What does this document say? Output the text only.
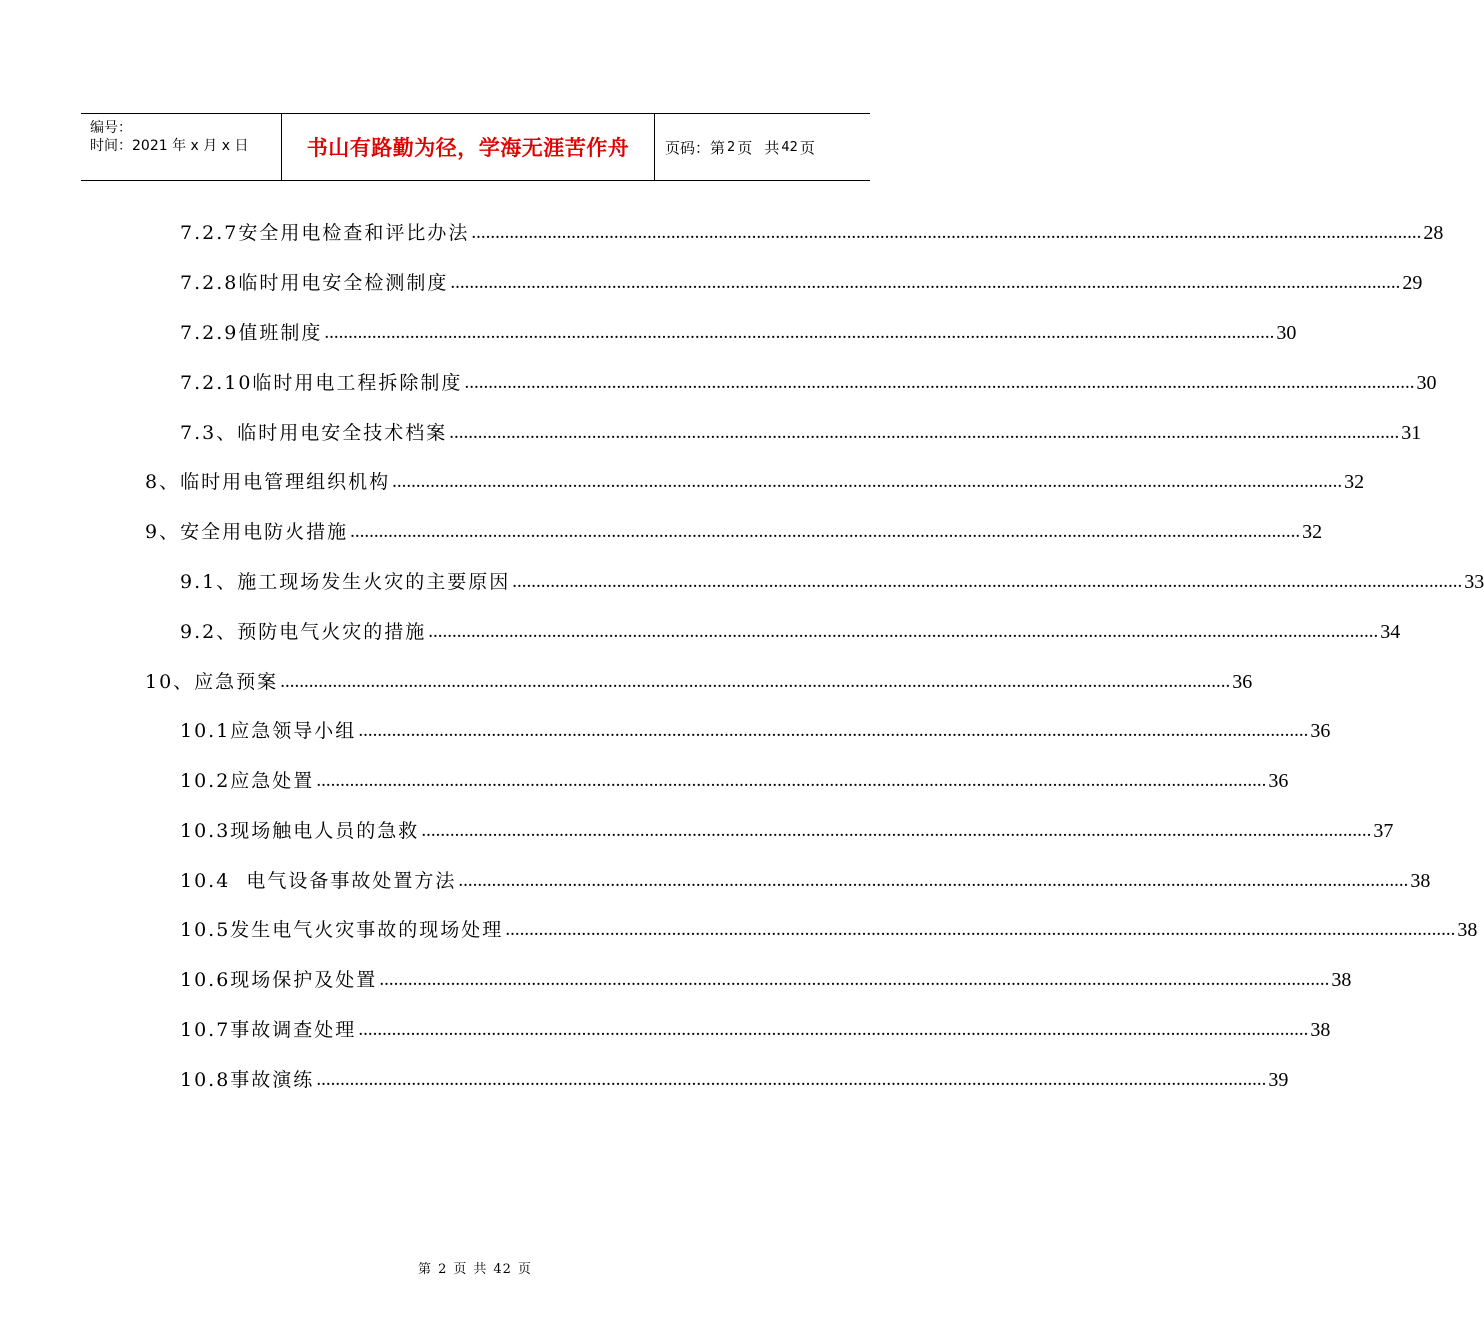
编号：
时间：2021 年 x 月 x 日	书山有路勤为径，学海无涯苦作舟	页码：第 2 页 共 42 页
7.2.7安全用电检查和评比办法 ........................................................................................................................................................................................................ 28
7.2.8临时用电安全检测制度 ........................................................................................................................................................................................................ 29
7.2.9值班制度 ........................................................................................................................................................................................................ 30
7.2.10临时用电工程拆除制度 ........................................................................................................................................................................................................ 30
7.3、临时用电安全技术档案 ........................................................................................................................................................................................................ 31
8、临时用电管理组织机构 ........................................................................................................................................................................................................ 32
9、安全用电防火措施 ........................................................................................................................................................................................................ 32
9.1、施工现场发生火灾的主要原因 ........................................................................................................................................................................................................ 33
9.2、预防电气火灾的措施 ........................................................................................................................................................................................................ 34
10、应急预案 ........................................................................................................................................................................................................ 36
10.1应急领导小组 ........................................................................................................................................................................................................ 36
10.2应急处置 ........................................................................................................................................................................................................ 36
10.3现场触电人员的急救 ........................................................................................................................................................................................................ 37
10.4  电气设备事故处置方法 ........................................................................................................................................................................................................ 38
10.5发生电气火灾事故的现场处理 ........................................................................................................................................................................................................ 38
10.6现场保护及处置 ........................................................................................................................................................................................................ 38
10.7事故调查处理 ........................................................................................................................................................................................................ 38
10.8事故演练 ........................................................................................................................................................................................................ 39
第 2 页 共 42 页
